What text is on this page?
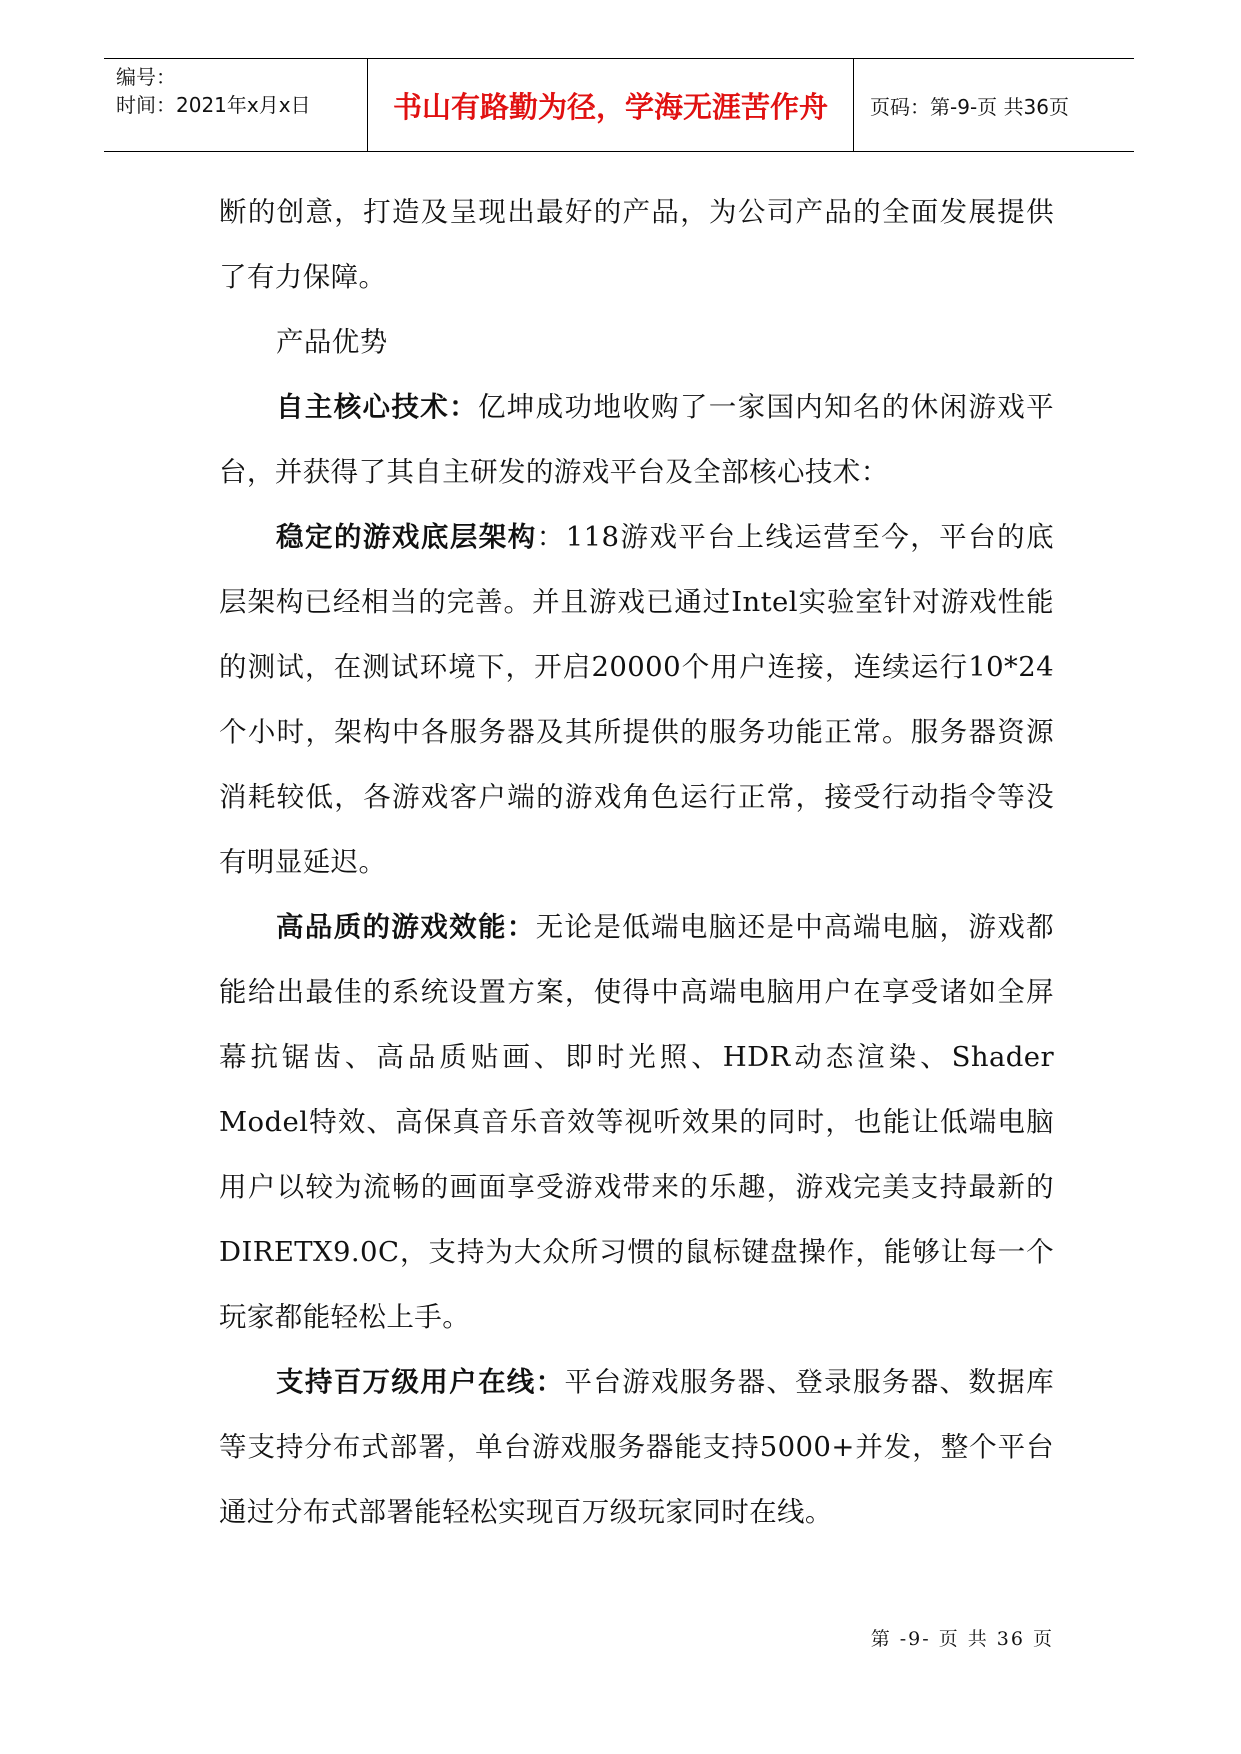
编号：
时间：2021年x月x日	书山有路勤为径，学海无涯苦作舟	页码：第-9-页 共36页

断的创意，打造及呈现出最好的产品，为公司产品的全面发展提供了有力保障。

产品优势

自主核心技术：亿坤成功地收购了一家国内知名的休闲游戏平台，并获得了其自主研发的游戏平台及全部核心技术：

稳定的游戏底层架构：118游戏平台上线运营至今，平台的底层架构已经相当的完善。并且游戏已通过Intel实验室针对游戏性能的测试，在测试环境下，开启20000个用户连接，连续运行10*24个小时，架构中各服务器及其所提供的服务功能正常。服务器资源消耗较低，各游戏客户端的游戏角色运行正常，接受行动指令等没有明显延迟。

高品质的游戏效能：无论是低端电脑还是中高端电脑，游戏都能给出最佳的系统设置方案，使得中高端电脑用户在享受诸如全屏幕抗锯齿、高品质贴画、即时光照、HDR动态渲染、Shader Model特效、高保真音乐音效等视听效果的同时，也能让低端电脑用户以较为流畅的画面享受游戏带来的乐趣，游戏完美支持最新的DIRETX9.0C，支持为大众所习惯的鼠标键盘操作，能够让每一个玩家都能轻松上手。

支持百万级用户在线：平台游戏服务器、登录服务器、数据库等支持分布式部署，单台游戏服务器能支持5000+并发，整个平台通过分布式部署能轻松实现百万级玩家同时在线。

第 -9- 页 共 36 页
